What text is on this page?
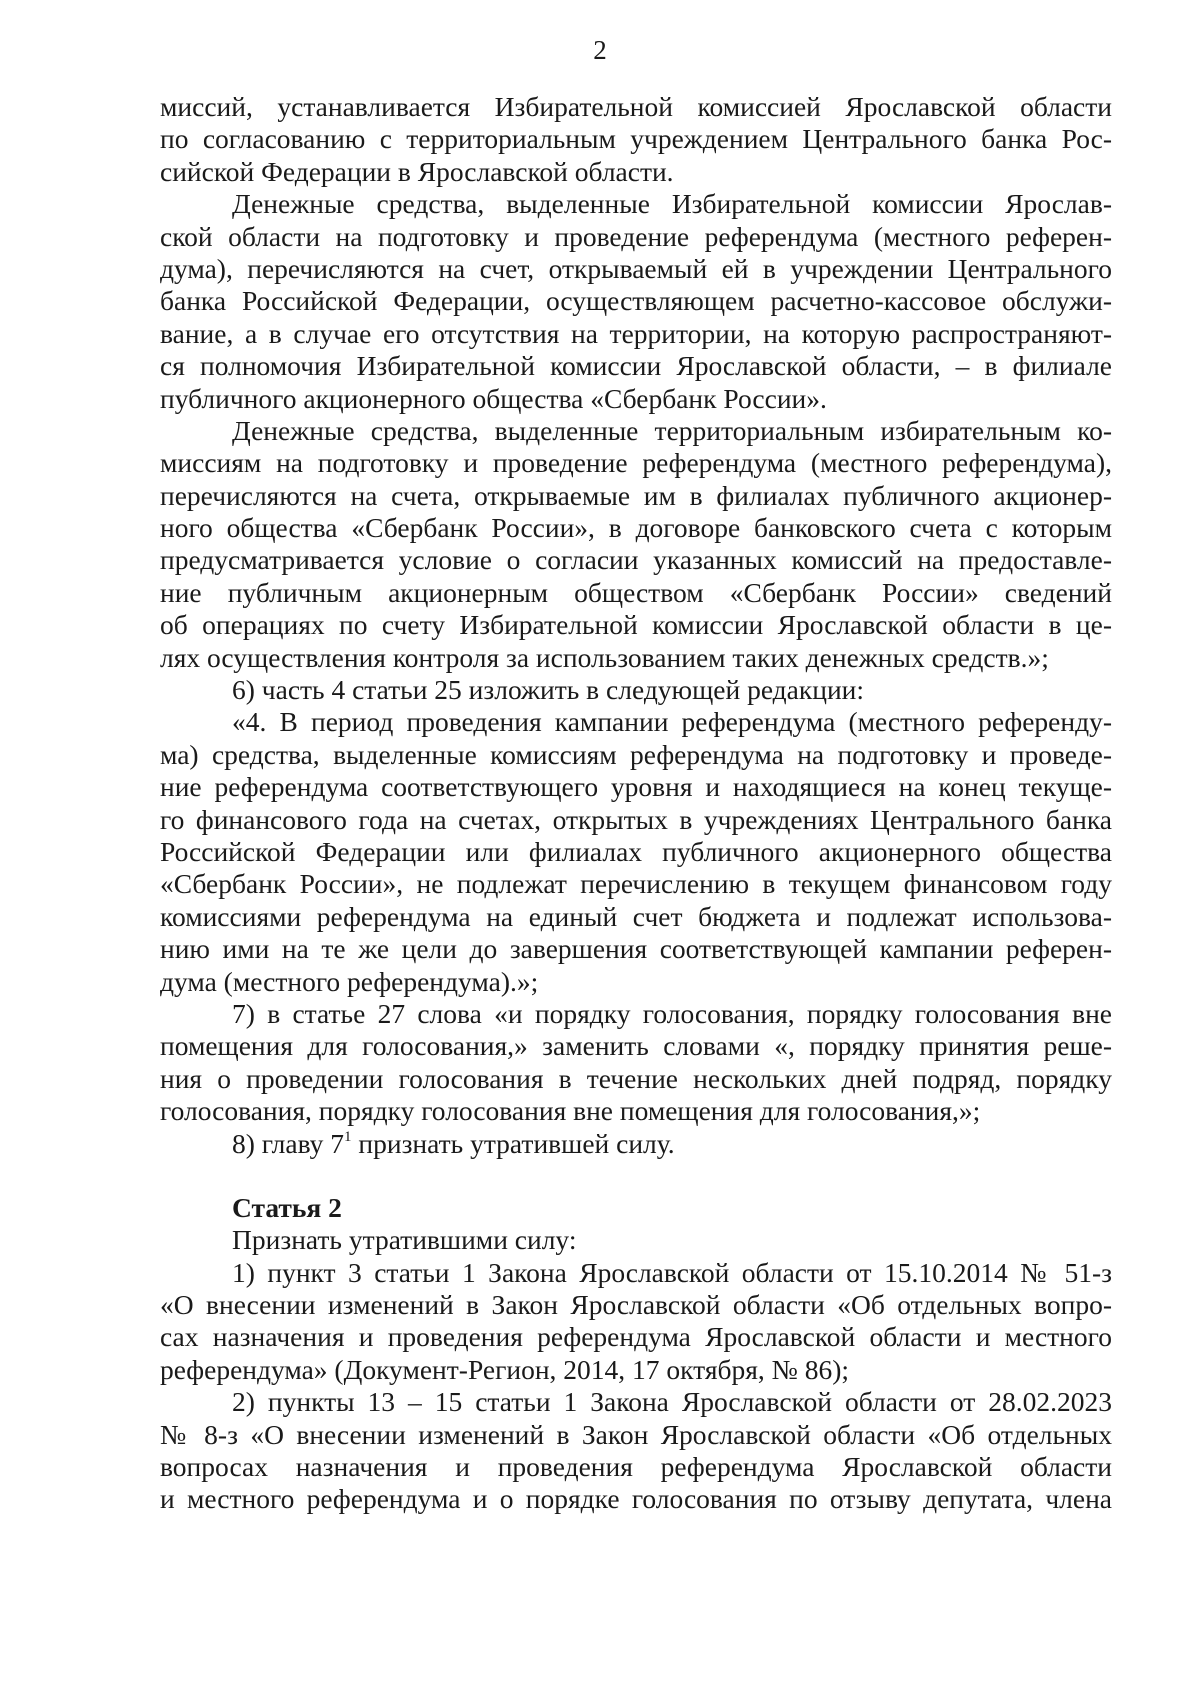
2
миссий, устанавливается Избирательной комиссией Ярославской области
по согласованию с территориальным учреждением Центрального банка Рос-
сийской Федерации в Ярославской области.
Денежные средства, выделенные Избирательной комиссии Ярослав-
ской области на подготовку и проведение референдума (местного референ-
дума), перечисляются на счет, открываемый ей в учреждении Центрального
банка Российской Федерации, осуществляющем расчетно-кассовое обслужи-
вание, а в случае его отсутствия на территории, на которую распространяют-
ся полномочия Избирательной комиссии Ярославской области, – в филиале
публичного акционерного общества «Сбербанк России».
Денежные средства, выделенные территориальным избирательным ко-
миссиям на подготовку и проведение референдума (местного референдума),
перечисляются на счета, открываемые им в филиалах публичного акционер-
ного общества «Сбербанк России», в договоре банковского счета с которым
предусматривается условие о согласии указанных комиссий на предоставле-
ние публичным акционерным обществом «Сбербанк России» сведений
об операциях по счету Избирательной комиссии Ярославской области в це-
лях осуществления контроля за использованием таких денежных средств.»;
6) часть 4 статьи 25 изложить в следующей редакции:
«4. В период проведения кампании референдума (местного референду-
ма) средства, выделенные комиссиям референдума на подготовку и проведе-
ние референдума соответствующего уровня и находящиеся на конец текуще-
го финансового года на счетах, открытых в учреждениях Центрального банка
Российской Федерации или филиалах публичного акционерного общества
«Сбербанк России», не подлежат перечислению в текущем финансовом году
комиссиями референдума на единый счет бюджета и подлежат использова-
нию ими на те же цели до завершения соответствующей кампании референ-
дума (местного референдума).»;
7) в статье 27 слова «и порядку голосования, порядку голосования вне
помещения для голосования,» заменить словами «, порядку принятия реше-
ния о проведении голосования в течение нескольких дней подряд, порядку
голосования, порядку голосования вне помещения для голосования,»;
8) главу $7^1$ признать утратившей силу.
Статья 2
Признать утратившими силу:
1) пункт 3 статьи 1 Закона Ярославской области от 15.10.2014 № 51-з
«О внесении изменений в Закон Ярославской области «Об отдельных вопро-
сах назначения и проведения референдума Ярославской области и местного
референдума» (Документ-Регион, 2014, 17 октября, № 86);
2) пункты 13 – 15 статьи 1 Закона Ярославской области от 28.02.2023
№ 8-з «О внесении изменений в Закон Ярославской области «Об отдельных
вопросах назначения и проведения референдума Ярославской области
и местного референдума и о порядке голосования по отзыву депутата, члена
